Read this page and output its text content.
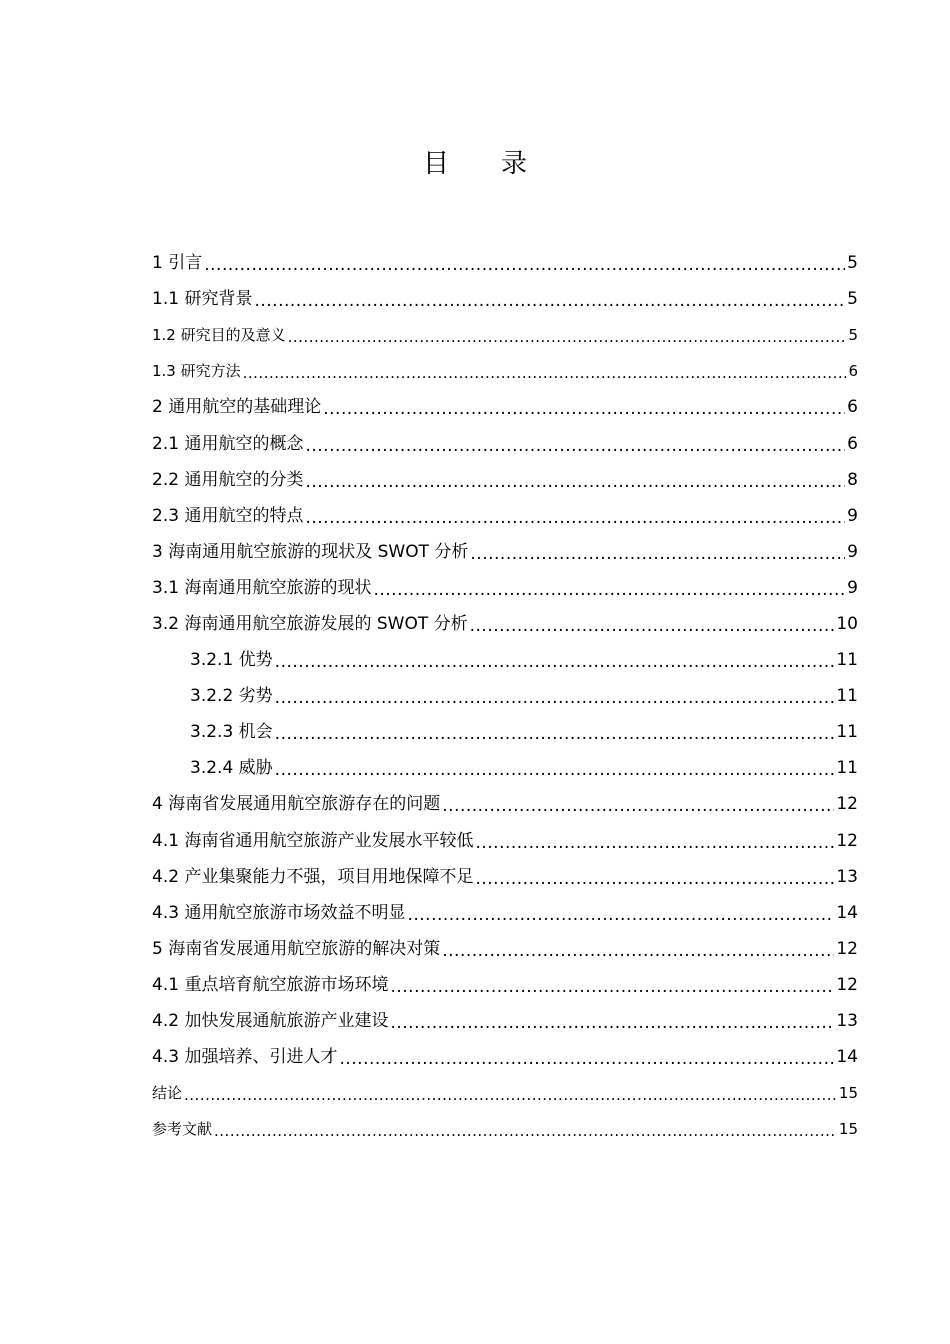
目 录
1 引言 .....	5
1.1 研究背景 .....	5
1.2 研究目的及意义 .....	5
1.3 研究方法 .....	6
2 通用航空的基础理论 .....	6
2.1 通用航空的概念 .....	6
2.2 通用航空的分类 .....	8
2.3 通用航空的特点 .....	9
3 海南通用航空旅游的现状及 SWOT 分析 .....	9
3.1 海南通用航空旅游的现状 .....	9
3.2 海南通用航空旅游发展的 SWOT 分析 .....	10
3.2.1 优势 .....	11
3.2.2 劣势 .....	11
3.2.3 机会 .....	11
3.2.4 威胁 .....	11
4 海南省发展通用航空旅游存在的问题 .....	12
4.1 海南省通用航空旅游产业发展水平较低 .....	12
4.2 产业集聚能力不强，项目用地保障不足 .....	13
4.3 通用航空旅游市场效益不明显 .....	14
5 海南省发展通用航空旅游的解决对策 .....	12
4.1 重点培育航空旅游市场环境 .....	12
4.2 加快发展通航旅游产业建设 .....	13
4.3 加强培养、引进人才 .....	14
结论 .....	15
参考文献 .....	15
